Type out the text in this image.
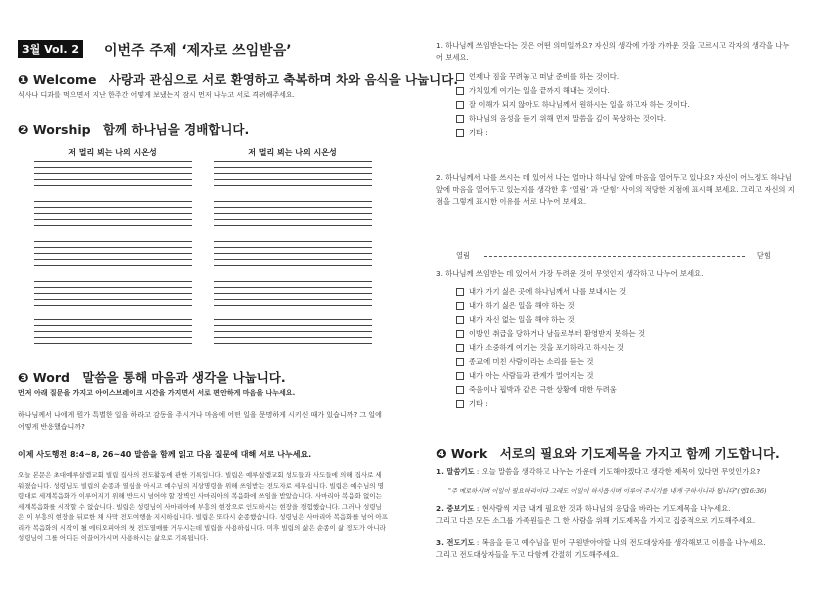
3월 Vol. 2 이번주 주제 ‘제자로 쓰임받음’
❶ Welcome 사랑과 관심으로 서로 환영하고 축복하며 차와 음식을 나눕니다.
식사나 디과를 먹으면서 지난 한주간 어떻게 보냈는지 잠시 먼저 나누고 서로 격려해주세요.
❷ Worship 함께 하나님을 경배합니다.
저 멀리 뵈는 나의 시온성	저 멀리 뵈는 나의 시온성
❸ Word 말씀을 통해 마음과 생각을 나눕니다.
먼저 아래 질문을 가지고 아이스브레이크 시간을 가지면서 서로 편안하게 마음을 나누세요.
하나님께서 나에게 뭔가 특별한 일을 하라고 감동을 주시거나 마음에 어떤 일을 문명하게 시키신 때가 있습니까? 그 일에 어떻게 반응했습니까?
이제 사도행전 8:4~8, 26~40 말씀을 함께 읽고 다음 질문에 대해 서로 나누세요.
오늘 본문은 초대예루살렘교회 빌립 집사의 전도활동에 관한 기록입니다. 빌립은 예루살렘교회 성도들과 사도들에 의해 집사로 세워졌습니다. 성령님도 빌립의 순종과 열심을 아시고 예수님의 지상명령을 위해 쓰임받는 전도자로 세우십니다. 빌립은 예수님의 명령대로 세계복음화가 이루어지기 위해 반드시 넘어야 할 장벽인 사마리아의 복음화에 쓰임을 받았습니다. 사마리아 복음화 없이는 세계복음화를 시작할 수 없습니다. 빌립은 성령님이 사마리아에 부흥의 현장으로 인도하시는 현장을 경험했습니다. 그러나 성령님은 이 부흥의 현장을 뒤로한 채 사막 전도여행을 지시하십니다. 빌립은 또다시 순종했습니다. 성령님은 사마리아 복음화를 넘어 아프리카 복음화의 시작이 될 에티오피아의 첫 전도열매를 거두시는데 빌립을 사용하십니다. 미후 빌립의 삶은 순종이 삶 정도가 아니라 성령님이 그를 어디든 이끌어가시며 사용하시는 삶으로 기록됩니다.
1. 하나님께 쓰임받는다는 것은 어떤 의미일까요? 자신의 생각에 가장 가까운 것을 고르시고 각자의 생각을 나누어 보세요.
언제나 짐을 꾸려놓고 떠날 준비를 하는 것이다.
가치있게 여기는 일을 끝까지 해내는 것이다.
잘 이해가 되지 않아도 하나님께서 원하시는 일을 하고자 하는 것이다.
하나님의 음성을 듣기 위해 먼저 말씀을 깊이 묵상하는 것이다.
기타 :
2. 하나님께서 나를 쓰시는 데 있어서 나는 얼마나 하나님 앞에 마음을 열어두고 있나요? 자신이 어느정도 하나님 앞에 마음을 열어두고 있는지를 생각한 후 ‘열림’ 과 ‘닫힘’ 사이의 적당한 지점에 표시해 보세요. 그리고 자신의 지점을 그렇게 표시한 이유를 서로 나누어 보세요.
열림	닫힘
3. 하나님께 쓰임받는 데 있어서 가장 두려운 것이 무엇인지 생각하고 나누어 보세요.
내가 가기 싫은 곳에 하나님께서 나를 보내시는 것
내가 하기 싫은 일을 해야 하는 것
내가 자신 없는 일을 해야 하는 것
이방인 취급을 당하거나 남들로부터 환영받지 못하는 것
내가 소중하게 여기는 것을 포기하라고 하시는 것
종교에 미친 사람이라는 소리를 듣는 것
내가 아는 사람들과 관계가 멀어지는 것
죽음이나 핍박과 같은 극한 상황에 대한 두려움
기타 :
❹ Work 서로의 필요와 기도제목을 가지고 함께 기도합니다.
1. 말씀기도 : 오늘 말씀을 생각하고 나누는 가운데 기도해야겠다고 생각한 제목이 있다면 무엇인가요?
"주 예로하시며 이일이 필요하리이다 그래도 이일이 하시옵시며 이루어 주시기를 내게 구하시니라 됩니다"(엡16:36)
2. 중보기도 : 현사람씩 지금 내게 필요한 것과 하나님의 응답을 바라는 기도제목을 나누세요.
그리고 다른 모든 소그룹 가족원들은 그 한 사람을 위해 기도제목을 가지고 집중적으로 기도해주세요.
3. 전도기도 : 복음을 듣고 예수님을 믿어 구원받아야할 나의 전도대상자를 생각해보고 이름을 나누세요.
그리고 전도대상자들을 두고 다함께 간절히 기도해주세요.
